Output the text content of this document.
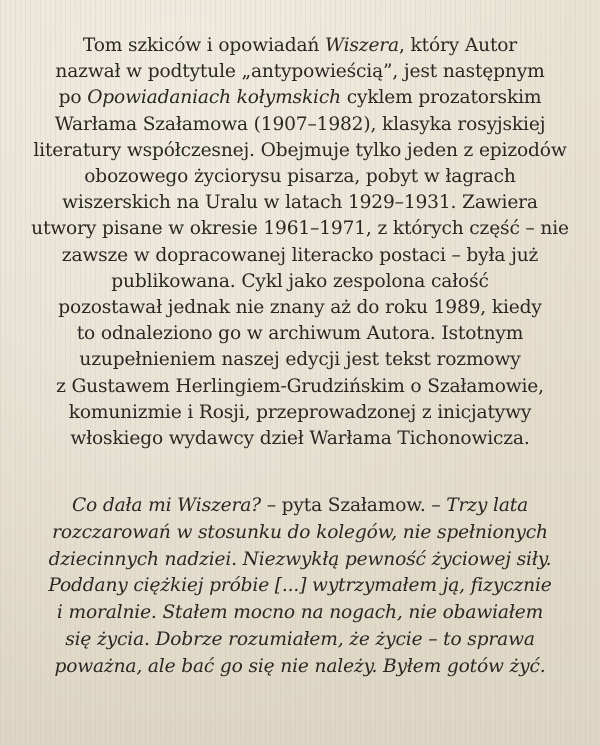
Tom szkiców i opowiadań Wiszera, który Autor
nazwał w podtytule „antypowieścią”, jest następnym
po Opowiadaniach kołymskich cyklem prozatorskim
Warłama Szałamowa (1907–1982), klasyka rosyjskiej
literatury współczesnej. Obejmuje tylko jeden z epizodów
obozowego życiorysu pisarza, pobyt w łagrach
wiszerskich na Uralu w latach 1929–1931. Zawiera
utwory pisane w okresie 1961–1971, z których część – nie
zawsze w dopracowanej literacko postaci – była już
publikowana. Cykl jako zespolona całość
pozostawał jednak nie znany aż do roku 1989, kiedy
to odnaleziono go w archiwum Autora. Istotnym
uzupełnieniem naszej edycji jest tekst rozmowy
z Gustawem Herlingiem-Grudzińskim o Szałamowie,
komunizmie i Rosji, przeprowadzonej z inicjatywy
włoskiego wydawcy dzieł Warłama Tichonowicza.

Co dała mi Wiszera? – pyta Szałamow. – Trzy lata
rozczarowań w stosunku do kolegów, nie spełnionych
dziecinnych nadziei. Niezwykłą pewność życiowej siły.
Poddany ciężkiej próbie [...] wytrzymałem ją, fizycznie
i moralnie. Stałem mocno na nogach, nie obawiałem
się życia. Dobrze rozumiałem, że życie – to sprawa
poważna, ale bać go się nie należy. Byłem gotów żyć.
